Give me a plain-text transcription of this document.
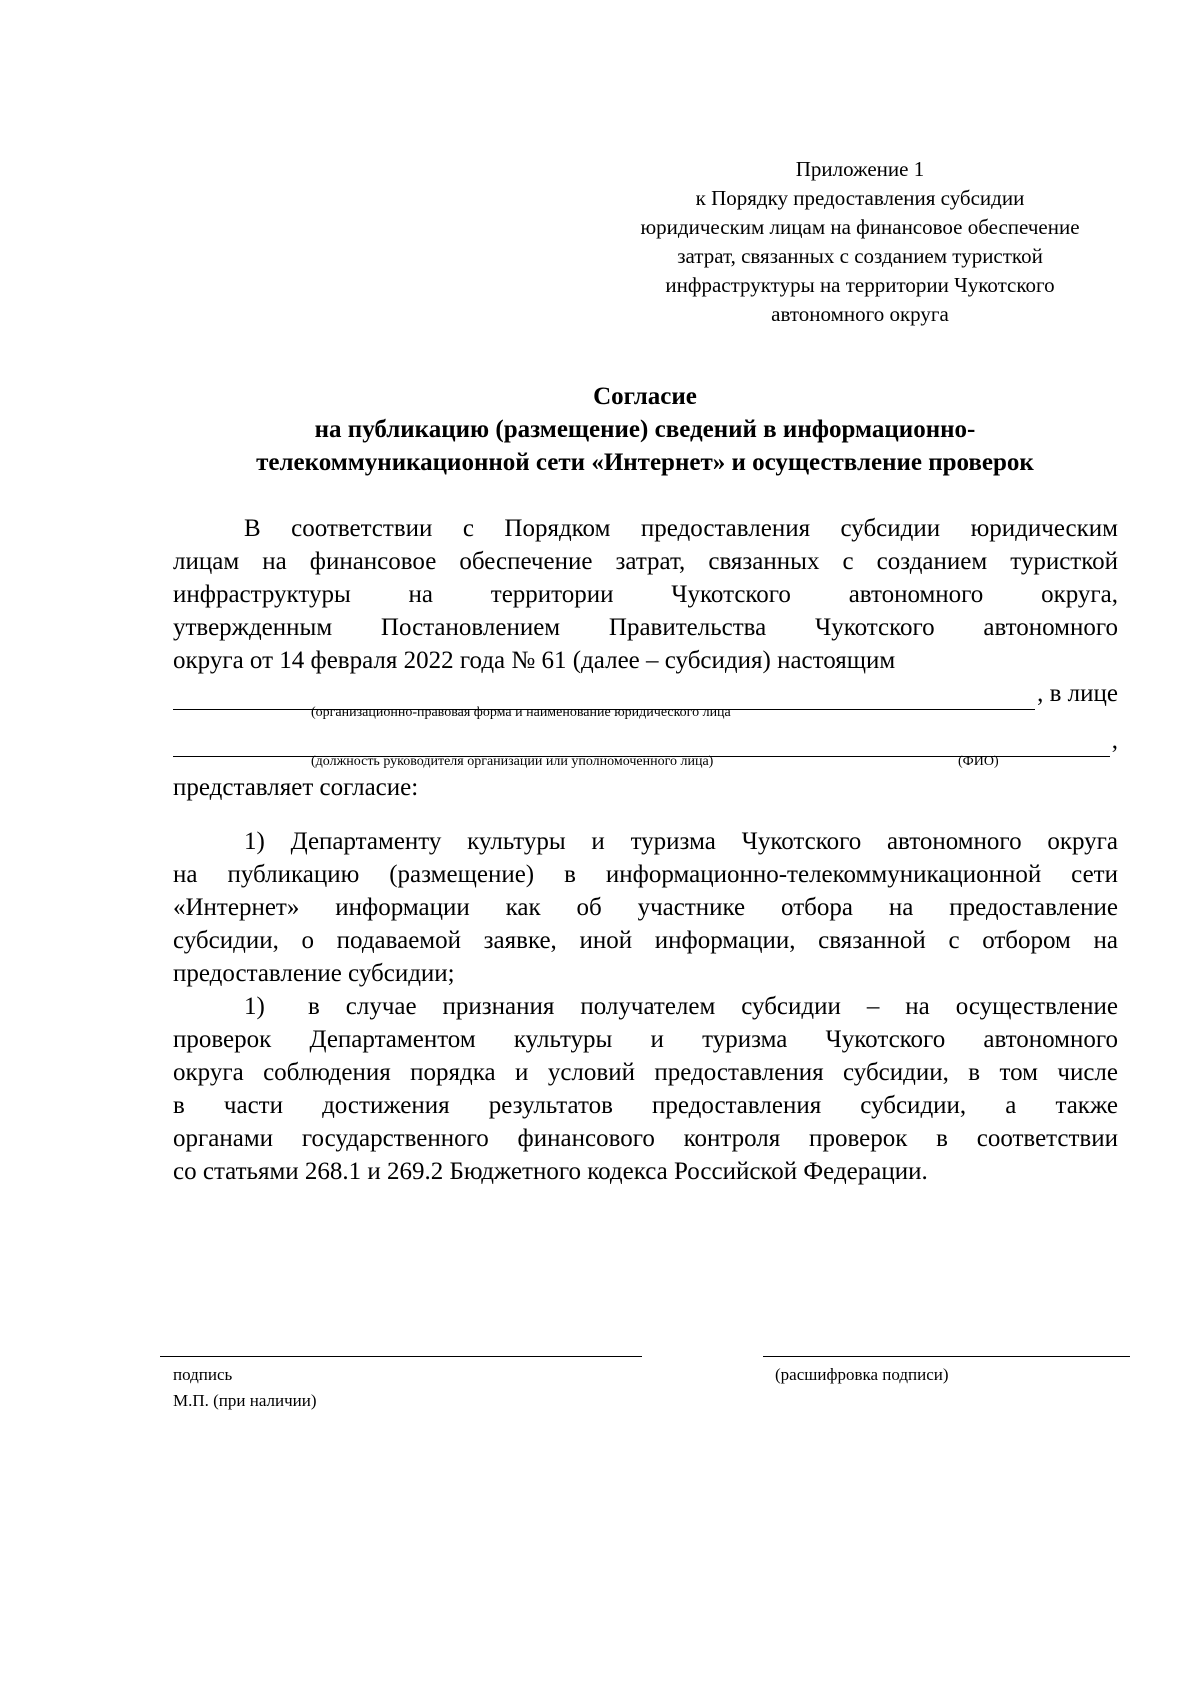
Приложение 1
к Порядку предоставления субсидии
юридическим лицам на финансовое обеспечение
затрат, связанных с созданием туристкой
инфраструктуры на территории Чукотского
автономного округа
Согласие
на публикацию (размещение) сведений в информационно-
телекоммуникационной сети «Интернет» и осуществление проверок
В соответствии с Порядком предоставления субсидии юридическим
лицам на финансовое обеспечение затрат, связанных с созданием туристкой
инфраструктуры на территории Чукотского автономного округа,
утвержденным Постановлением Правительства Чукотского автономного
округа от 14 февраля 2022 года № 61 (далее – субсидия) настоящим
, в лице
(организационно-правовая форма и наименование юридического лица
,
(должность руководителя организации или уполномоченного лица)	(ФИО)
представляет согласие:
1) Департаменту культуры и туризма Чукотского автономного округа
на публикацию (размещение) в информационно-телекоммуникационной сети
«Интернет» информации как об участнике отбора на предоставление
субсидии, о подаваемой заявке, иной информации, связанной с отбором на
предоставление субсидии;
1) в случае признания получателем субсидии – на осуществление
проверок Департаментом культуры и туризма Чукотского автономного
округа соблюдения порядка и условий предоставления субсидии, в том числе
в части достижения результатов предоставления субсидии, а также
органами государственного финансового контроля проверок в соответствии
со статьями 268.1 и 269.2 Бюджетного кодекса Российской Федерации.
подпись
М.П. (при наличии)
(расшифровка подписи)
